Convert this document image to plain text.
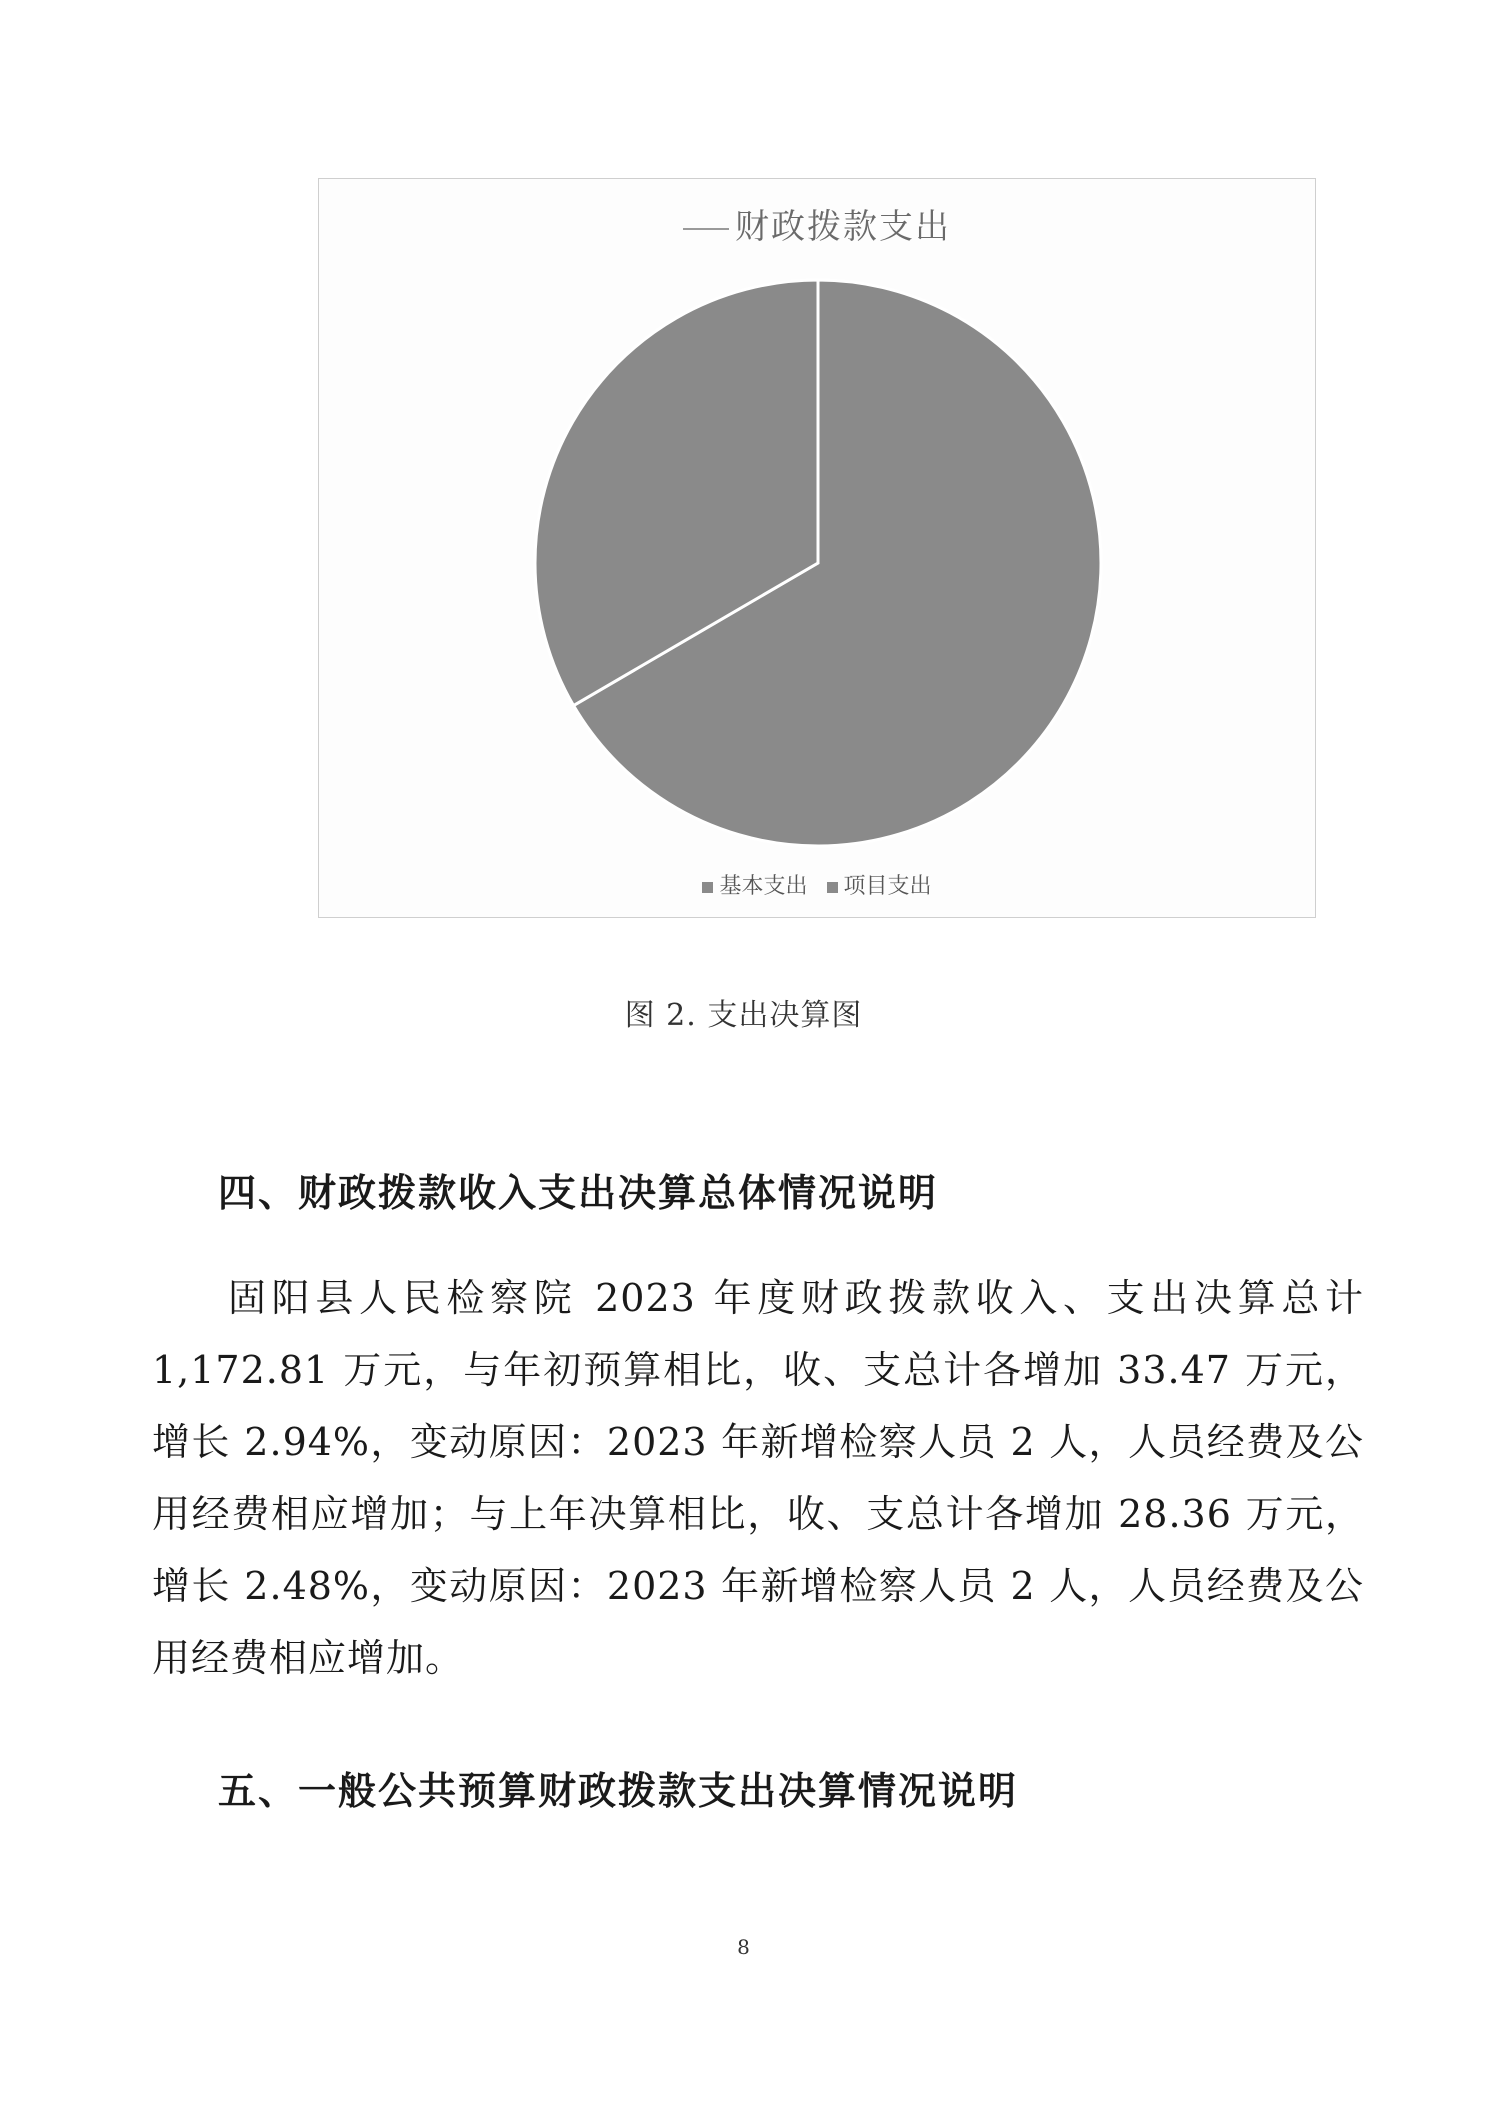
财政拨款支出
基本支出 项目支出
图 2. 支出决算图
四、财政拨款收入支出决算总体情况说明

固阳县人民检察院 2023 年度财政拨款收入、支出决算总计 1,172.81 万元，与年初预算相比，收、支总计各增加 33.47 万元，增长 2.94%，变动原因：2023 年新增检察人员 2 人，人员经费及公用经费相应增加；与上年决算相比，收、支总计各增加 28.36 万元，增长 2.48%，变动原因：2023 年新增检察人员 2 人，人员经费及公用经费相应增加。

五、一般公共预算财政拨款支出决算情况说明
8
